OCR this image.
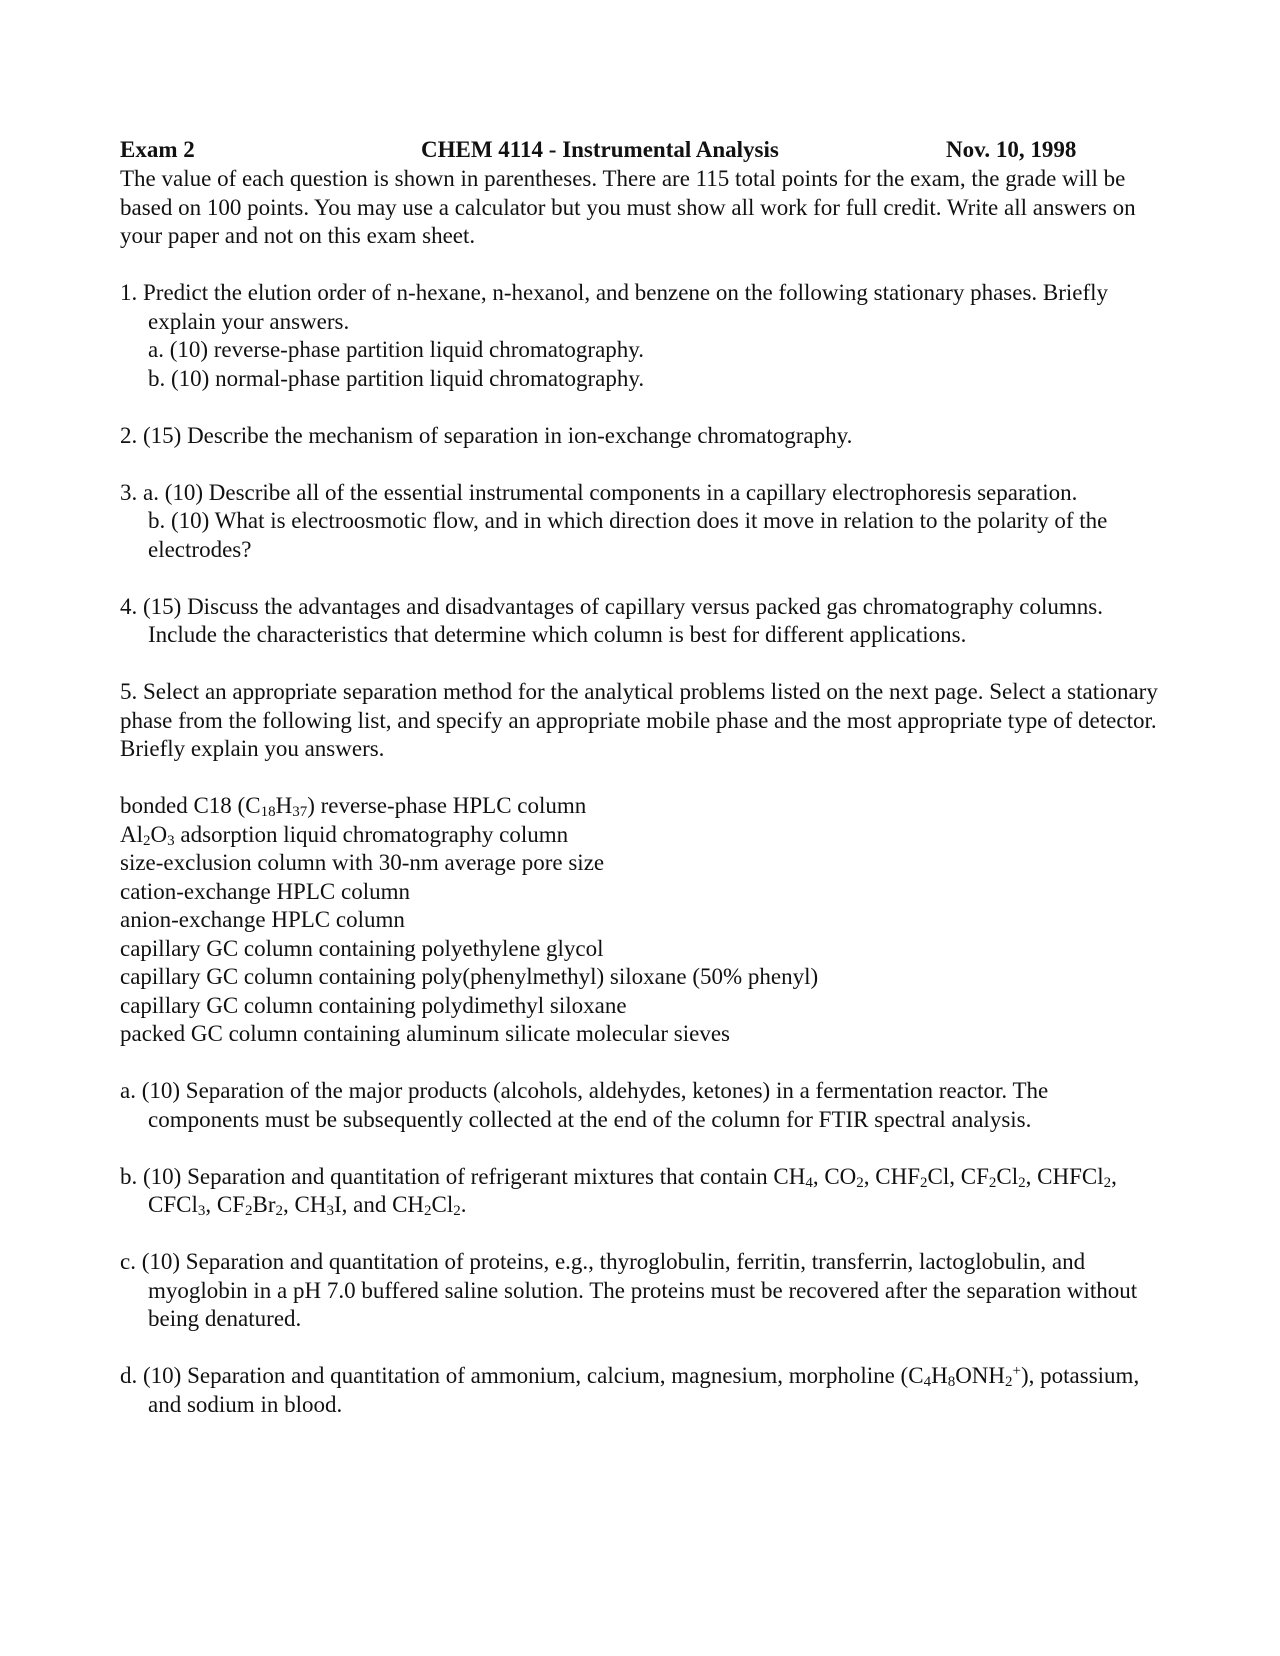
Exam 2	CHEM 4114 - Instrumental Analysis	Nov. 10, 1998

The value of each question is shown in parentheses. There are 115 total points for the exam, the grade will be based on 100 points. You may use a calculator but you must show all work for full credit. Write all answers on your paper and not on this exam sheet.

1. Predict the elution order of n-hexane, n-hexanol, and benzene on the following stationary phases. Briefly explain your answers.

a. (10) reverse-phase partition liquid chromatography.

b. (10) normal-phase partition liquid chromatography.

2. (15) Describe the mechanism of separation in ion-exchange chromatography.

3. a. (10) Describe all of the essential instrumental components in a capillary electrophoresis separation.

b. (10) What is electroosmotic flow, and in which direction does it move in relation to the polarity of the electrodes?

4. (15) Discuss the advantages and disadvantages of capillary versus packed gas chromatography columns. Include the characteristics that determine which column is best for different applications.

5. Select an appropriate separation method for the analytical problems listed on the next page. Select a stationary phase from the following list, and specify an appropriate mobile phase and the most appropriate type of detector. Briefly explain you answers.

bonded C18 $(C_{18}H_{37})$ reverse-phase HPLC column

$Al_2O_3$ adsorption liquid chromatography column

size-exclusion column with 30-nm average pore size

cation-exchange HPLC column

anion-exchange HPLC column

capillary GC column containing polyethylene glycol

capillary GC column containing poly(phenylmethyl) siloxane (50% phenyl)

capillary GC column containing polydimethyl siloxane

packed GC column containing aluminum silicate molecular sieves

a. (10) Separation of the major products (alcohols, aldehydes, ketones) in a fermentation reactor. The components must be subsequently collected at the end of the column for FTIR spectral analysis.

b. (10) Separation and quantitation of refrigerant mixtures that contain $CH_4$, $CO_2$, $CHF_2Cl$, $CF_2Cl_2$, CHFCl$_2$, CFCl$_3$, $CF_2Br_2$, $CH_3I$, and $CH_2Cl_2$.

c. (10) Separation and quantitation of proteins, e.g., thyroglobulin, ferritin, transferrin, lactoglobulin, and myoglobin in a pH 7.0 buffered saline solution. The proteins must be recovered after the separation without being denatured.

d. (10) Separation and quantitation of ammonium, calcium, magnesium, morpholine $(C_4H_8ONH_2^+)$, potassium, and sodium in blood.
